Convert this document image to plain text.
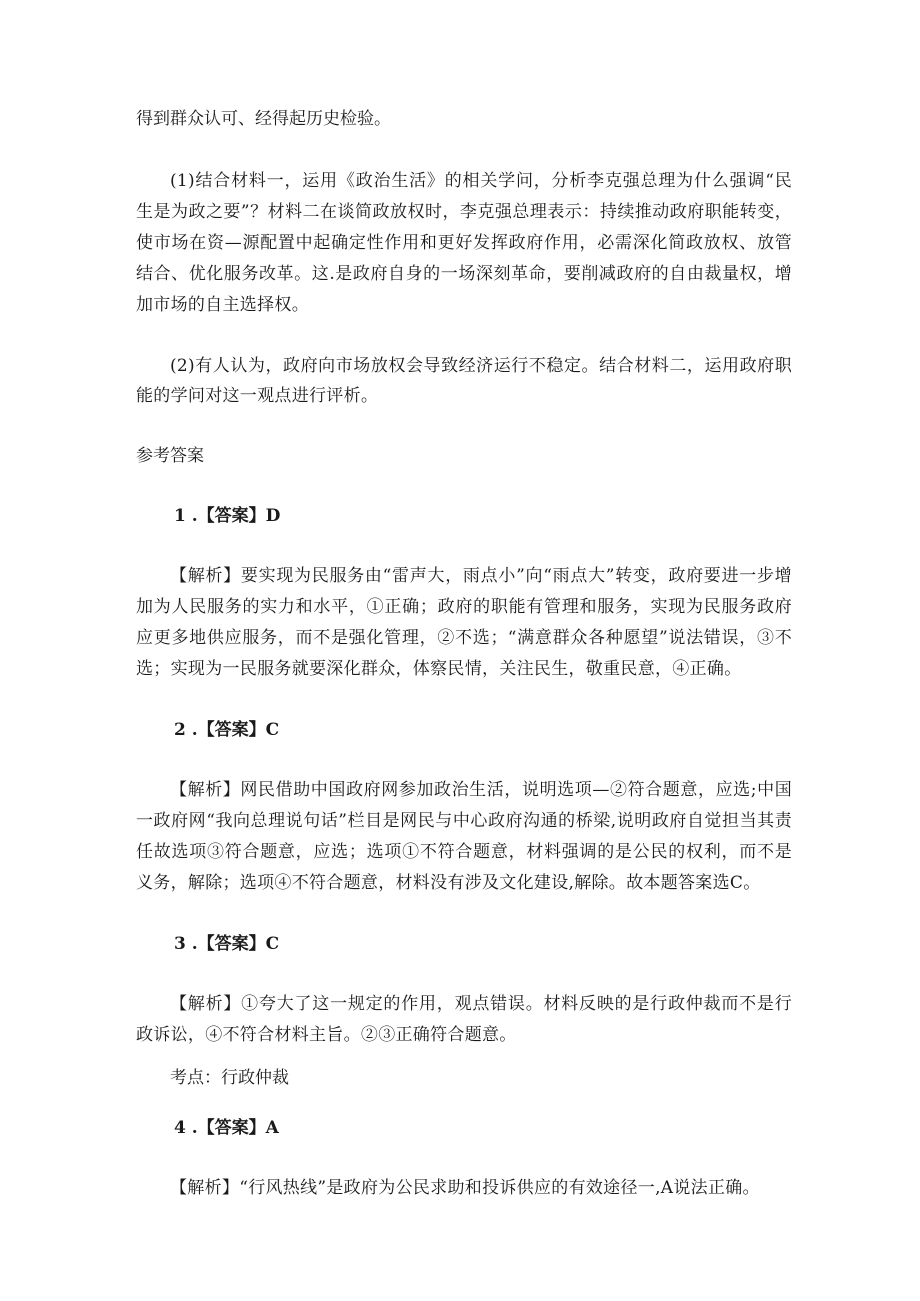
得到群众认可、经得起历史检验。

(1)结合材料一，运用《政治生活》的相关学问，分析李克强总理为什么强调“民生是为政之要”？材料二在谈简政放权时，李克强总理表示：持续推动政府职能转变，使市场在资—源配置中起确定性作用和更好发挥政府作用，必需深化简政放权、放管结合、优化服务改革。这.是政府自身的一场深刻革命，要削减政府的自由裁量权，增加市场的自主选择权。

(2)有人认为，政府向市场放权会导致经济运行不稳定。结合材料二，运用政府职能的学问对这一观点进行评析。

参考答案

1 .【答案】D

【解析】要实现为民服务由“雷声大，雨点小”向“雨点大”转变，政府要进一步增加为人民服务的实力和水平，①正确；政府的职能有管理和服务，实现为民服务政府应更多地供应服务，而不是强化管理，②不选；“满意群众各种愿望”说法错误，③不选；实现为一民服务就要深化群众，体察民情，关注民生，敬重民意，④正确。

2 .【答案】C

【解析】网民借助中国政府网参加政治生活，说明选项—②符合题意，应选;中国一政府网“我向总理说句话”栏目是网民与中心政府沟通的桥梁,说明政府自觉担当其责任故选项③符合题意，应选；选项①不符合题意，材料强调的是公民的权利，而不是义务，解除；选项④不符合题意，材料没有涉及文化建设,解除。故本题答案选C。

3 .【答案】C

【解析】①夸大了这一规定的作用，观点错误。材料反映的是行政仲裁而不是行政诉讼，④不符合材料主旨。②③正确符合题意。

考点：行政仲裁

4 .【答案】A

【解析】“行风热线”是政府为公民求助和投诉供应的有效途径一,A说法正确。
